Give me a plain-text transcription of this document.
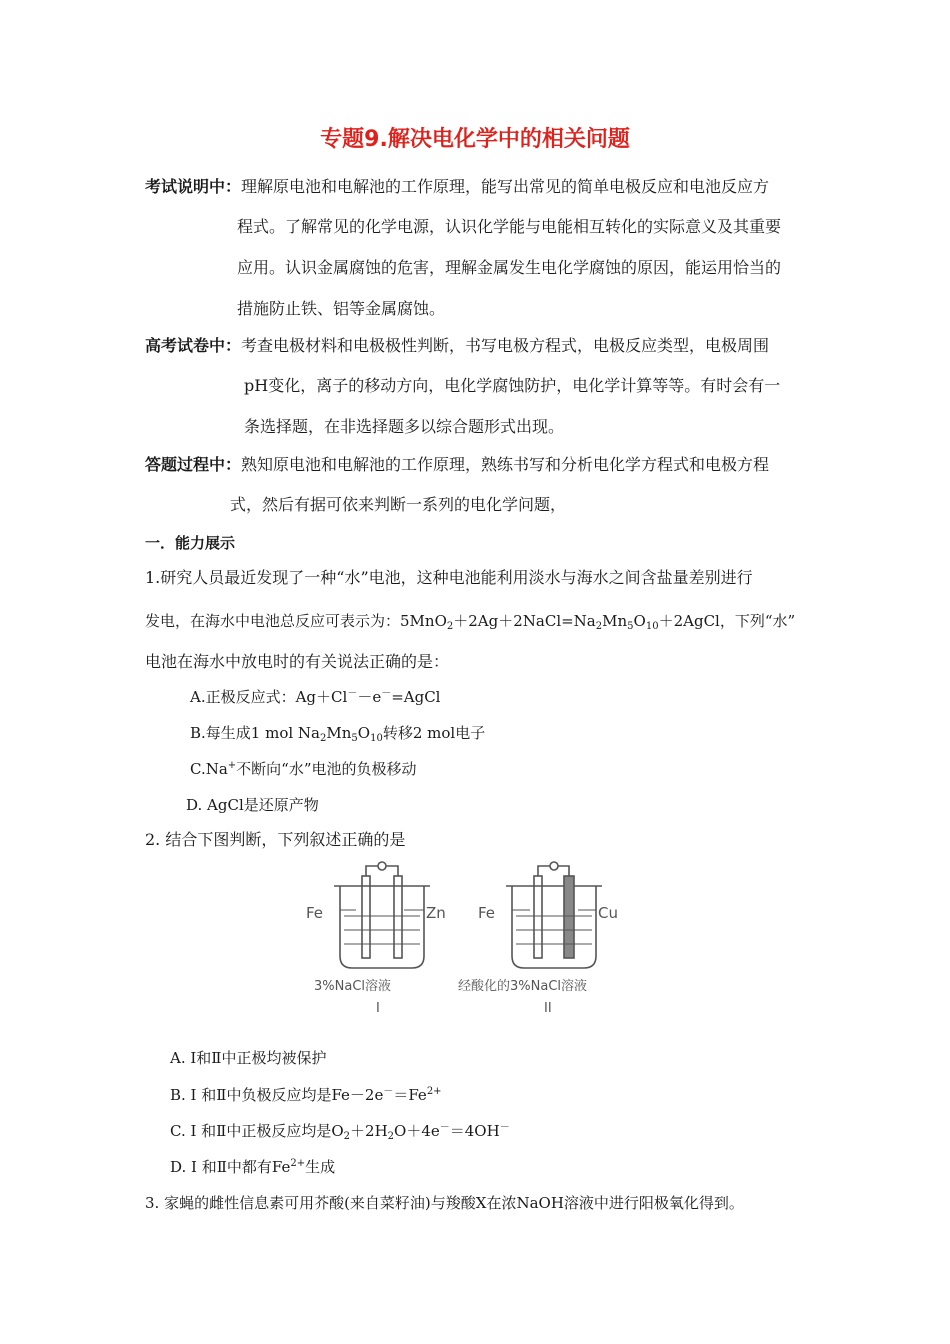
专题9.解决电化学中的相关问题
考试说明中：理解原电池和电解池的工作原理，能写出常见的简单电极反应和电池反应方
程式。了解常见的化学电源，认识化学能与电能相互转化的实际意义及其重要
应用。认识金属腐蚀的危害，理解金属发生电化学腐蚀的原因，能运用恰当的
措施防止铁、铝等金属腐蚀。
高考试卷中：考查电极材料和电极极性判断，书写电极方程式，电极反应类型，电极周围
pH变化，离子的移动方向，电化学腐蚀防护，电化学计算等等。有时会有一
条选择题，在非选择题多以综合题形式出现。
答题过程中：熟知原电池和电解池的工作原理，熟练书写和分析电化学方程式和电极方程
式，然后有据可依来判断一系列的电化学问题，
一．能力展示
1.研究人员最近发现了一种“水”电池，这种电池能利用淡水与海水之间含盐量差别进行
发电，在海水中电池总反应可表示为：$5MnO_2+2Ag+2NaCl=Na_2Mn_5O_{10}+2AgCl$，下列“水”
电池在海水中放电时的有关说法正确的是：
A.正极反应式：Ag＋Cl－－e－=AgCl
B.每生成1 mol $Na_2Mn_5O_{10}$转移2 mol电子
C.Na+不断向“水”电池的负极移动
D. AgCl是还原产物
2. 结合下图判断，下列叙述正确的是
Fe	Zn
3%NaCl溶液
I
Fe	Cu
经酸化的3%NaCl溶液
II
A. Ⅰ和Ⅱ中正极均被保护
B. Ⅰ 和Ⅱ中负极反应均是$Fe-2e^-=Fe^{2+}$
C. Ⅰ 和Ⅱ中正极反应均是$O_2+2H_2O+4e^-=4OH^-$
D. Ⅰ 和Ⅱ中都有$Fe^{2+}$生成
3. 家蝇的雌性信息素可用芥酸(来自菜籽油)与羧酸X在浓NaOH溶液中进行阳极氧化得到。
